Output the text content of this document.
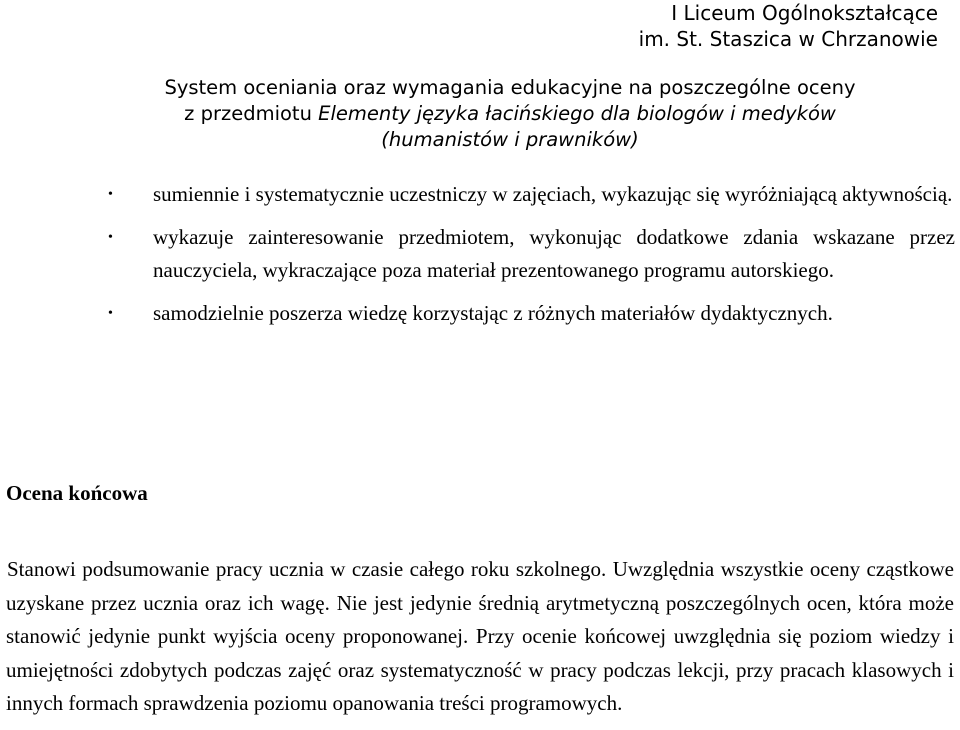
I Liceum Ogólnokształcące
im. St. Staszica w Chrzanowie
System oceniania oraz wymagania edukacyjne na poszczególne oceny
z przedmiotu Elementy języka łacińskiego dla biologów i medyków
(humanistów i prawników)
•	sumiennie i systematycznie uczestniczy w zajęciach, wykazując się wyróżniającą aktywnością.
•	wykazuje zainteresowanie przedmiotem, wykonując dodatkowe zdania wskazane przez nauczyciela, wykraczające poza materiał prezentowanego programu autorskiego.
•	samodzielnie poszerza wiedzę korzystając z różnych materiałów dydaktycznych.
Ocena końcowa

Stanowi podsumowanie pracy ucznia w czasie całego roku szkolnego. Uwzględnia wszystkie oceny cząstkowe uzyskane przez ucznia oraz ich wagę. Nie jest jedynie średnią arytmetyczną poszczególnych ocen, która może stanowić jedynie punkt wyjścia oceny proponowanej. Przy ocenie końcowej uwzględnia się poziom wiedzy i umiejętności zdobytych podczas zajęć oraz systematyczność w pracy podczas lekcji, przy pracach klasowych i innych formach sprawdzenia poziomu opanowania treści programowych.
